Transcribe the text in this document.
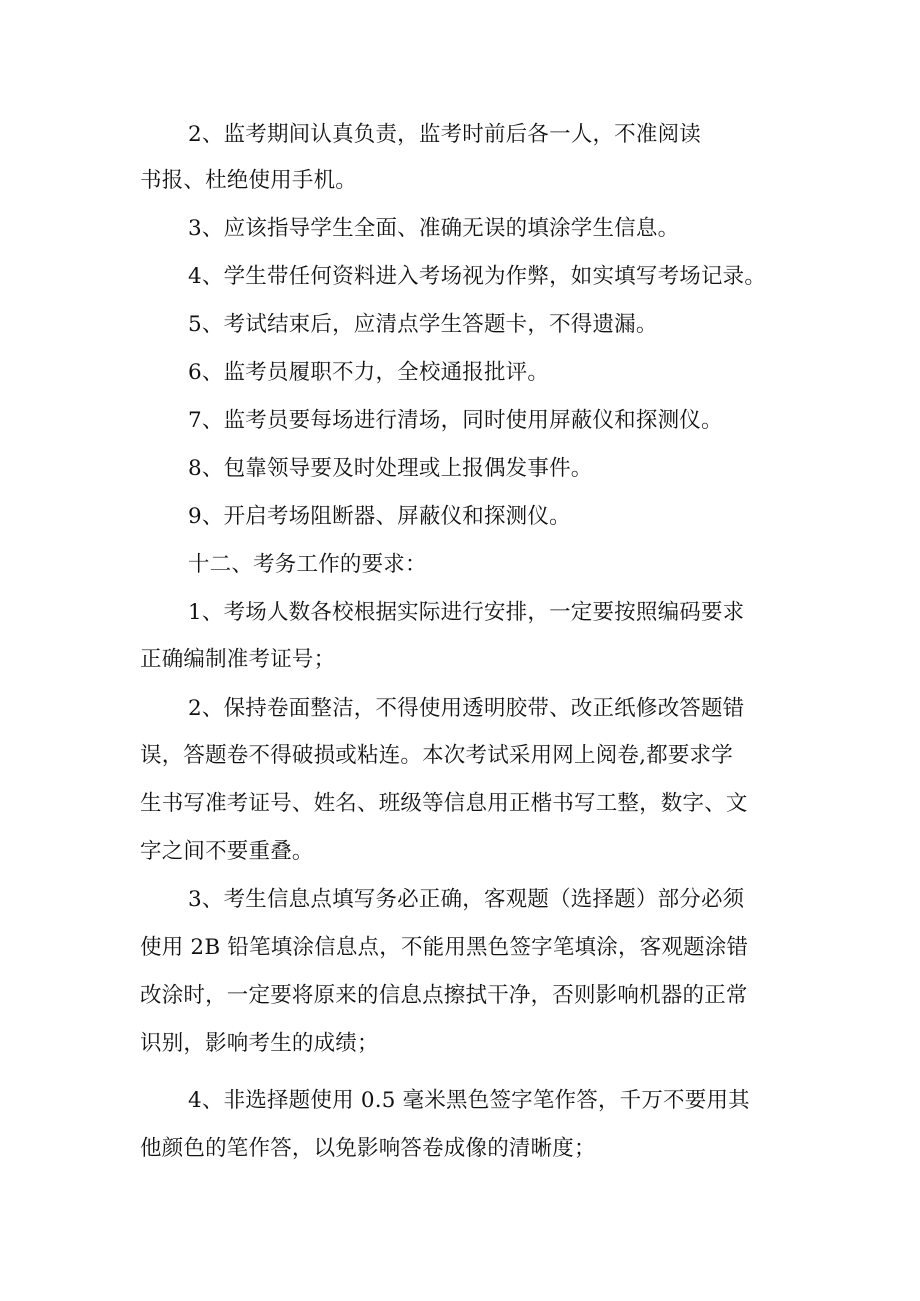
2、监考期间认真负责，监考时前后各一人，不准阅读
书报、杜绝使用手机。
3、应该指导学生全面、准确无误的填涂学生信息。
4、学生带任何资料进入考场视为作弊，如实填写考场记录。
5、考试结束后，应清点学生答题卡，不得遗漏。
6、监考员履职不力，全校通报批评。
7、监考员要每场进行清场，同时使用屏蔽仪和探测仪。
8、包靠领导要及时处理或上报偶发事件。
9、开启考场阻断器、屏蔽仪和探测仪。
十二、考务工作的要求：
1、考场人数各校根据实际进行安排，一定要按照编码要求
正确编制准考证号；
2、保持卷面整洁，不得使用透明胶带、改正纸修改答题错
误，答题卷不得破损或粘连。本次考试采用网上阅卷,都要求学
生书写准考证号、姓名、班级等信息用正楷书写工整，数字、文
字之间不要重叠。
3、考生信息点填写务必正确，客观题（选择题）部分必须
使用 2B 铅笔填涂信息点，不能用黑色签字笔填涂，客观题涂错
改涂时，一定要将原来的信息点擦拭干净，否则影响机器的正常
识别，影响考生的成绩；
4、非选择题使用 0.5 毫米黑色签字笔作答，千万不要用其
他颜色的笔作答，以免影响答卷成像的清晰度；
